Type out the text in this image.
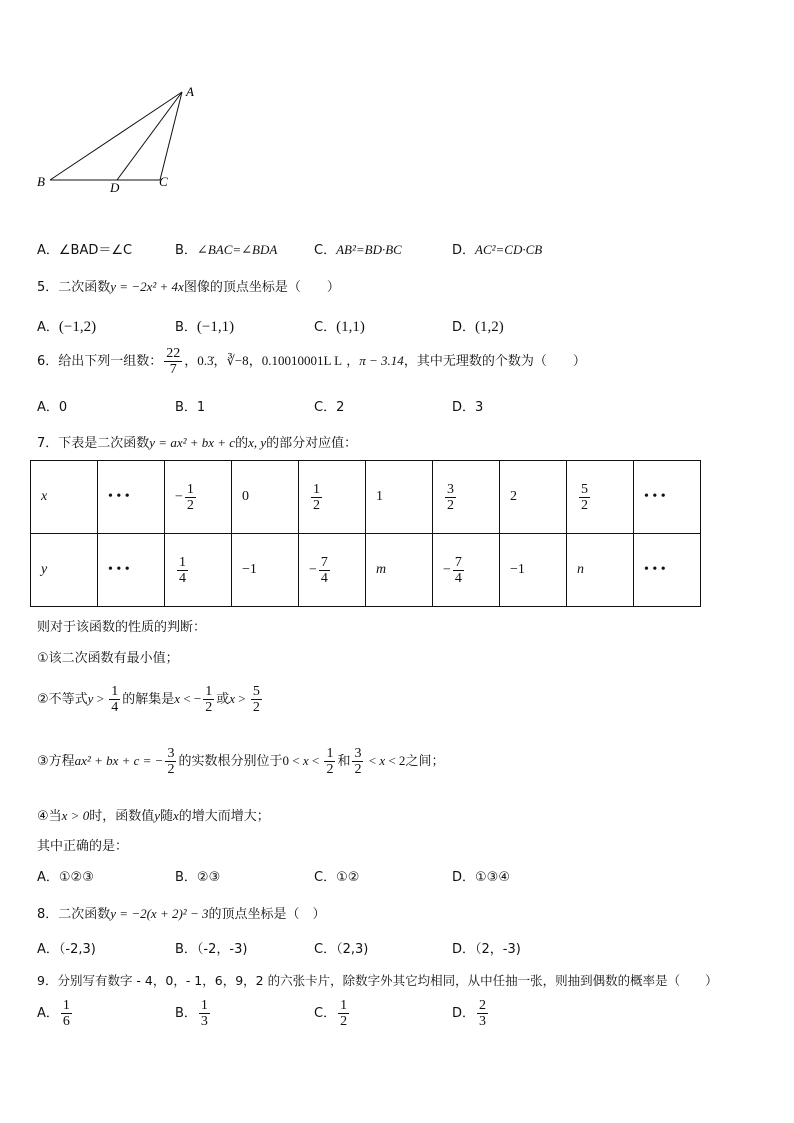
A
B	D	C
A．∠BAD＝∠C	B．∠BAC=∠BDA	C．AB²=BD·BC	D．AC²=CD·CB
5．二次函数y = −2x² + 4x图像的顶点坐标是（　　）
A．(−1,2)	B．(−1,1)	C．(1,1)	D．(1,2)
6．给出下列一组数： $\frac{22}{7}$ ，0.3̇，∛−8，0.10010001L L ，π − 3.14，其中无理数的个数为（　　）
A．0	B．1	C．2	D．3
7．下表是二次函数y = ax² + bx + c的x, y的部分对应值：
x	• • •	− $\frac{1}{2}$	0	$\frac{1}{2}$	1	$\frac{3}{2}$	2	$\frac{5}{2}$	• • •
y	• • •	$\frac{1}{4}$	−1	− $\frac{7}{4}$	m	− $\frac{7}{4}$	−1	n	• • •
则对于该函数的性质的判断：
①该二次函数有最小值；
②不等式$y > \frac{1}{4}$ 的解集是x < − $\frac{1}{2}$ 或$x > \frac{5}{2}$
③方程ax² + bx + c = − $\frac{3}{2}$ 的实数根分别位于$0 < x < \frac{1}{2}$ 和 $\frac{3}{2} < x < 2$之间；
④当x > 0时，函数值y随x的增大而增大；
其中正确的是：
A．①②③	B．②③	C．①②	D．①③④
8．二次函数y = −2(x + 2)² − 3的顶点坐标是（　）
A．（-2,3)	B．（-2，-3)	C．（2,3)	D．（2，-3)
9．分别写有数字 - 4，0，- 1，6，9，2 的六张卡片，除数字外其它均相同，从中任抽一张，则抽到偶数的概率是（　　）
A． $\frac{1}{6}$	B． $\frac{1}{3}$	C． $\frac{1}{2}$	D． $\frac{2}{3}$
